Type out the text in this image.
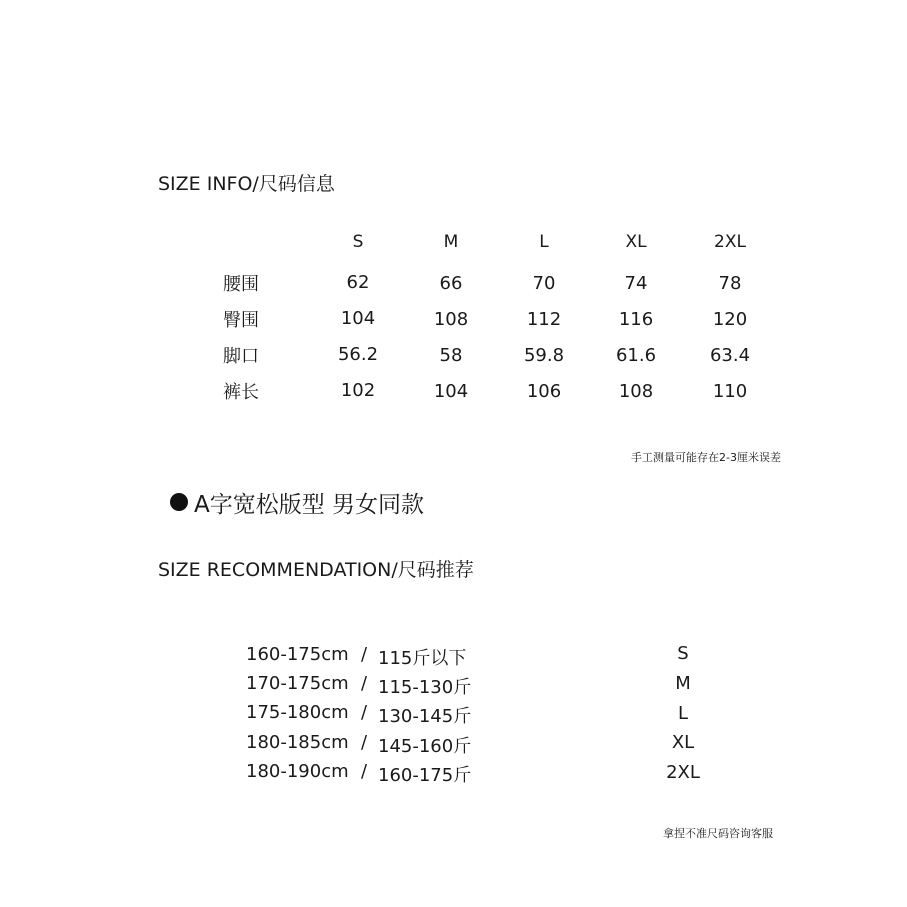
SIZE INFO/尺码信息
S	M	L	XL	2XL
腰围	62	66	70	74	78
臀围	104	108	112	116	120
脚口	56.2	58	59.8	61.6	63.4
裤长	102	104	106	108	110
手工测量可能存在2-3厘米误差
A字宽松版型 男女同款
SIZE RECOMMENDATION/尺码推荐
160-175cm / 115斤以下	S
170-175cm / 115-130斤	M
175-180cm / 130-145斤	L
180-185cm / 145-160斤	XL
180-190cm / 160-175斤	2XL
拿捏不准尺码咨询客服
